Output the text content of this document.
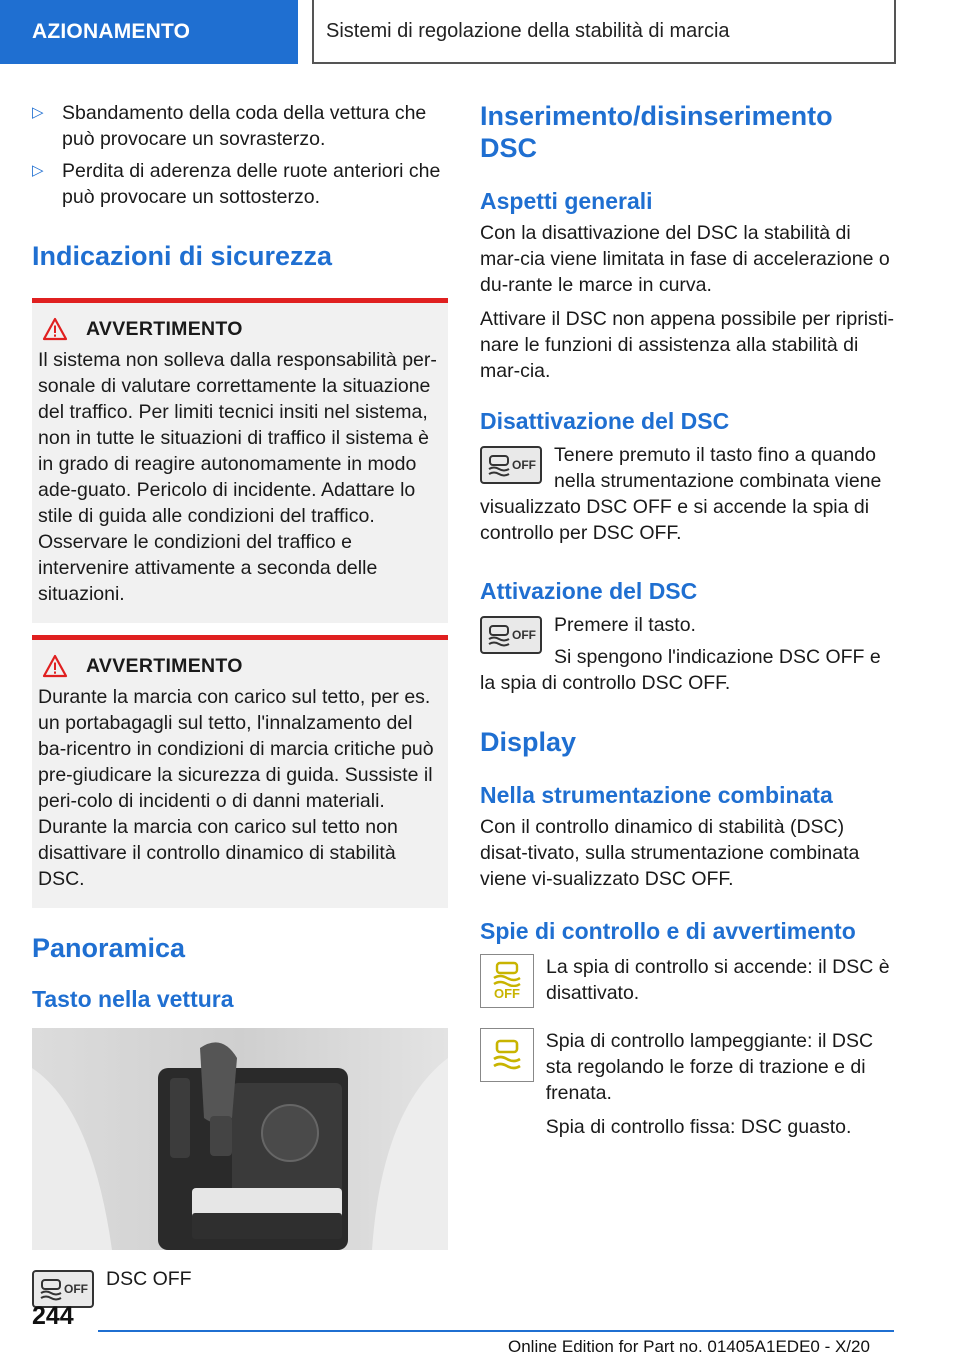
AZIONAMENTO	Sistemi di regolazione della stabilità di marcia
▷ Sbandamento della coda della vettura che può provocare un sovrasterzo.
▷ Perdita di aderenza delle ruote anteriori che può provocare un sottosterzo.
Indicazioni di sicurezza
AVVERTIMENTO

Il sistema non solleva dalla responsabilità per-sonale di valutare correttamente la situazione del traffico. Per limiti tecnici insiti nel sistema, non in tutte le situazioni di traffico il sistema è in grado di reagire autonomamente in modo ade-guato. Pericolo di incidente. Adattare lo stile di guida alle condizioni del traffico. Osservare le condizioni del traffico e intervenire attivamente a seconda delle situazioni.

AVVERTIMENTO

Durante la marcia con carico sul tetto, per es. un portabagagli sul tetto, l'innalzamento del ba-ricentro in condizioni di marcia critiche può pre-giudicare la sicurezza di guida. Sussiste il peri-colo di incidenti o di danni materiali. Durante la marcia con carico sul tetto non disattivare il controllo dinamico di stabilità DSC.

Panoramica
Tasto nella vettura
OFF DSC OFF

Inserimento/disinserimento DSC
Aspetti generali

Con la disattivazione del DSC la stabilità di mar-cia viene limitata in fase di accelerazione o du-rante le marce in curva.

Attivare il DSC non appena possibile per ripristi-nare le funzioni di assistenza alla stabilità di mar-cia.

Disattivazione del DSC
OFF Tenere premuto il tasto fino a quando nella strumentazione combinata viene visualizzato DSC OFF e si accende la spia di controllo per DSC OFF.

Attivazione del DSC
OFF Premere il tasto.

Si spengono l'indicazione DSC OFF e la spia di controllo DSC OFF.

Display
Nella strumentazione combinata

Con il controllo dinamico di stabilità (DSC) disat-tivato, sulla strumentazione combinata viene vi-sualizzato DSC OFF.

Spie di controllo e di avvertimento
OFF

La spia di controllo si accende: il DSC è disattivato.

Spia di controllo lampeggiante: il DSC sta regolando le forze di trazione e di frenata.

Spia di controllo fissa: DSC guasto.

244
Online Edition for Part no. 01405A1EDE0 - X/20
